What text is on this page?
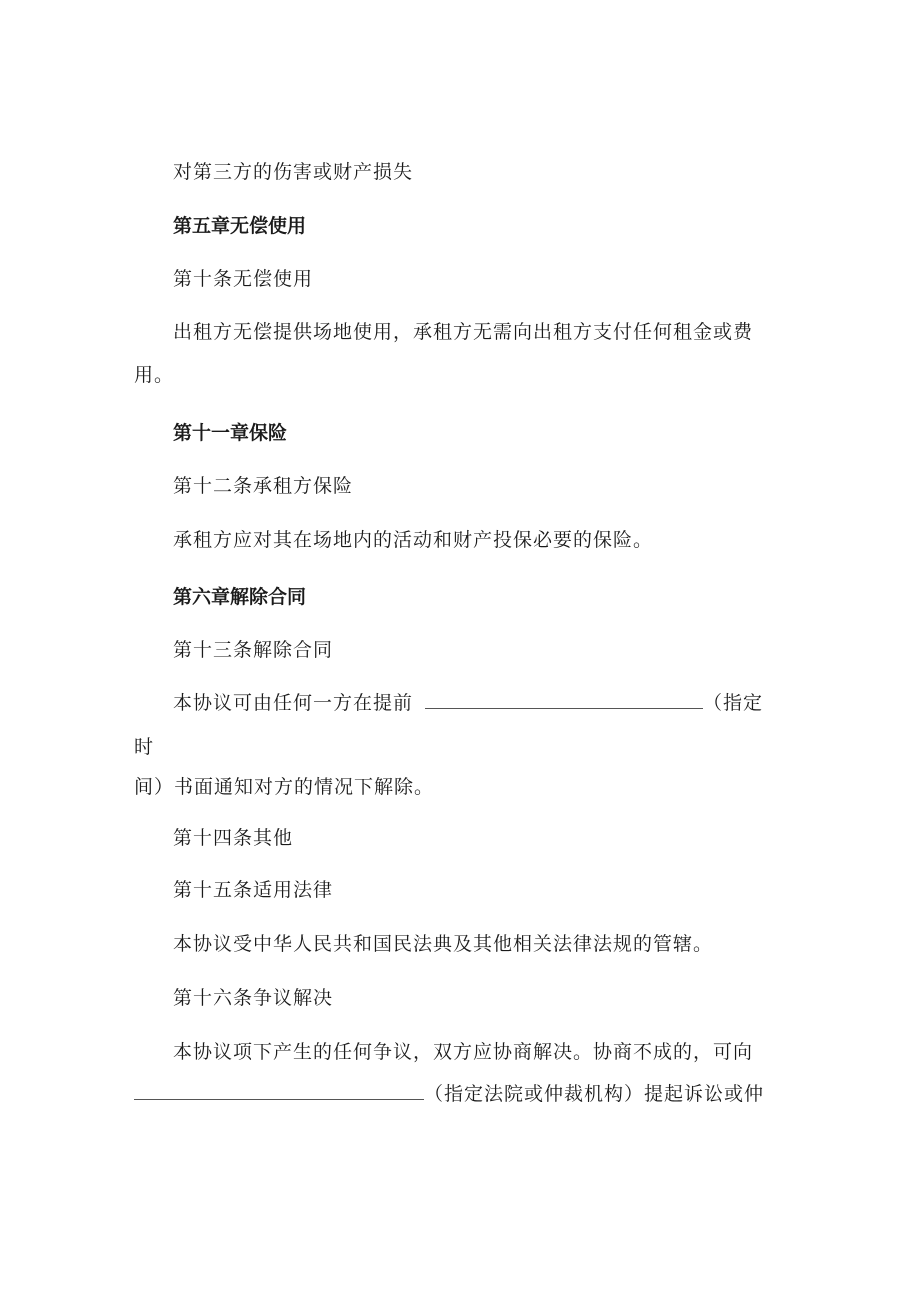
对第三方的伤害或财产损失
第五章无偿使用
第十条无偿使用
出租方无偿提供场地使用，承租方无需向出租方支付任何租金或费
用。
第十一章保险
第十二条承租方保险
承租方应对其在场地内的活动和财产投保必要的保险。
第六章解除合同
第十三条解除合同
本协议可由任何一方在提前	（指定
时
间）书面通知对方的情况下解除。
第十四条其他
第十五条适用法律
本协议受中华人民共和国民法典及其他相关法律法规的管辖。
第十六条争议解决
本协议项下产生的任何争议，双方应协商解决。协商不成的，可向
（指定法院或仲裁机构）提起诉讼或仲
